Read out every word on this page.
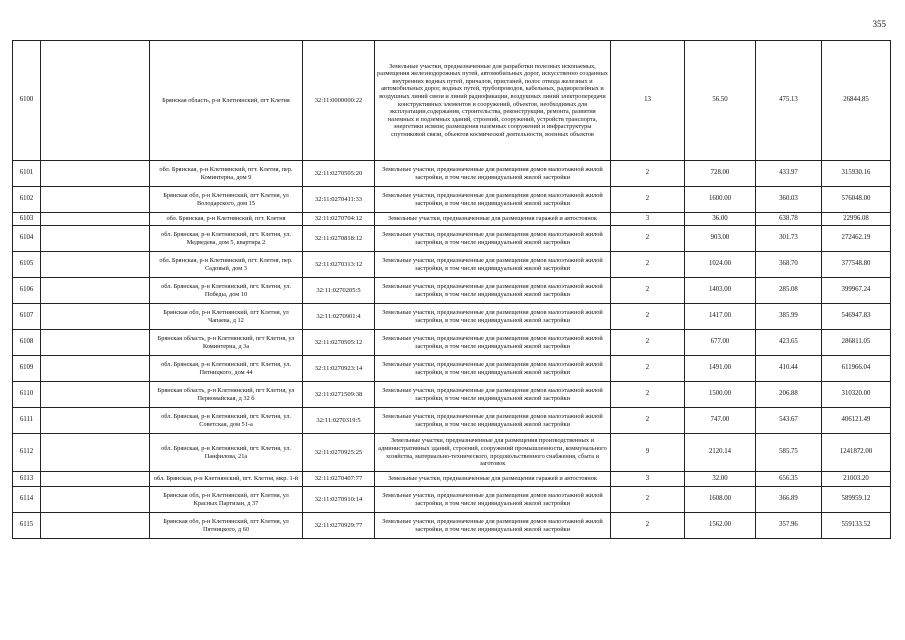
355
6100		Брянская область, р-н Клетнянский, пгт Клетня	32:11:0000000:22	Земельные участки, предназначенные для разработки полезных ископаемых, размещения железнодорожных путей, автомобильных дорог, искусственно созданных внутренних водных путей, причалов, пристаней, полос отвода железных и автомобильных дорог, водных путей, трубопроводов, кабельных, радиорелейных и воздушных линий связи и линий радиофикации, воздушных линий электропередачи конструктивных элементов и сооружений, объектов, необходимых для эксплуатации,содержания, строительства, реконструкции, ремонта, развития наземных и подземных зданий, строений, сооружений, устройств транспорта, энергетики исвязи; размещения наземных сооружений и инфраструктуры спутниковой связи, объектов космической деятельности, военных объектов	13	56.50	475.13	26844.85
6101		обл. Брянская, р-н Клетнянский, пгт. Клетня, пер. Коминтерна, дом 9	32:11:0270505:20	Земельные участки, предназначенные для размещения домов малоэтажной жилой застройки, в том числе индивидуальной жилой застройки	2	728.00	433.97	315930.16
6102		Брянская обл, р-н Клетнянский, пгт Клетня, ул Володарского, дом 15	32:11:0270411:33	Земельные участки, предназначенные для размещения домов малоэтажной жилой застройки, в том числе индивидуальной жилой застройки	2	1600.00	360.03	576048.00
6103		обл. Брянская, р-н Клетнянский, пгт. Клетня	32:11:0270704:12	Земельные участки, предназначенные для размещения гаражей и автостоянок	3	36.00	638.78	22996.08
6104		обл. Брянская, р-н Клетнянский, пгт. Клетня, ул. Медведева, дом 5, квартира 2	32:11:0270818:12	Земельные участки, предназначенные для размещения домов малоэтажной жилой застройки, в том числе индивидуальной жилой застройки	2	903.00	301.73	272462.19
6105		обл. Брянская, р-н Клетнянский, пгт. Клетня, пер. Садовый, дом 3	32:11:0270313:12	Земельные участки, предназначенные для размещения домов малоэтажной жилой застройки, в том числе индивидуальной жилой застройки	2	1024.00	368.70	377548.80
6106		обл. Брянская, р-н Клетнянский, пгт. Клетня, ул. Победы, дом 10	32:11:0270205:5	Земельные участки, предназначенные для размещения домов малоэтажной жилой застройки, в том числе индивидуальной жилой застройки	2	1403.00	285.08	399967.24
6107		Брянская обл, р-н Клетнянский, пгт Клетня, ул Чапаева, д 12	32:11:0270901:4	Земельные участки, предназначенные для размещения домов малоэтажной жилой застройки, в том числе индивидуальной жилой застройки	2	1417.00	385.99	546947.83
6108		Брянская область, р-н Клетнянский, пгт Клетня, ул Коминтерна, д 3а	32:11:0270505:12	Земельные участки, предназначенные для размещения домов малоэтажной жилой застройки, в том числе индивидуальной жилой застройки	2	677.00	423.65	286811.05
6109		обл. Брянская, р-н Клетнянский, пгт. Клетня, ул. Пятницкого, дом 44	32:11:0270923:14	Земельные участки, предназначенные для размещения домов малоэтажной жилой застройки, в том числе индивидуальной жилой застройки	2	1491.00	410.44	611966.04
6110		Брянская область, р-н Клетнянский, пгт Клетня, ул Первомайская, д 32 б	32:11:0271509:38	Земельные участки, предназначенные для размещения домов малоэтажной жилой застройки, в том числе индивидуальной жилой застройки	2	1500.00	206.88	310320.00
6111		обл. Брянская, р-н Клетнянский, пгт. Клетня, ул. Советская, дом 51-а	32:11:0270319:5	Земельные участки, предназначенные для размещения домов малоэтажной жилой застройки, в том числе индивидуальной жилой застройки	2	747.00	543.67	406121.49
6112		обл. Брянская, р-н Клетнянский, пгт. Клетня, ул. Панфилова, 21а	32:11:0270925:25	Земельные участки, предназначенные для размещения производственных и административных зданий, строений, сооружений промышленности, коммунального хозяйства, материально-технического, продовольственного снабжения, сбыта и заготовок	9	2120.14	585.75	1241872.00
6113		обл. Брянская, р-н Клетнянский, пгт. Клетня, мкр. 1-й	32:11:0270407:77	Земельные участки, предназначенные для размещения гаражей и автостоянок	3	32.00	656.35	21003.20
6114		Брянская обл, р-н Клетнянский, пгт Клетня, ул Красных Партизан, д 37	32:11:0270910:14	Земельные участки, предназначенные для размещения домов малоэтажной жилой застройки, в том числе индивидуальной жилой застройки	2	1608.00	366.89	589959.12
6115		Брянская обл, р-н Клетнянский, пгт Клетня, ул Пятницкого, д 60	32:11:0270929:77	Земельные участки, предназначенные для размещения домов малоэтажной жилой застройки, в том числе индивидуальной жилой застройки	2	1562.00	357.96	559133.52
